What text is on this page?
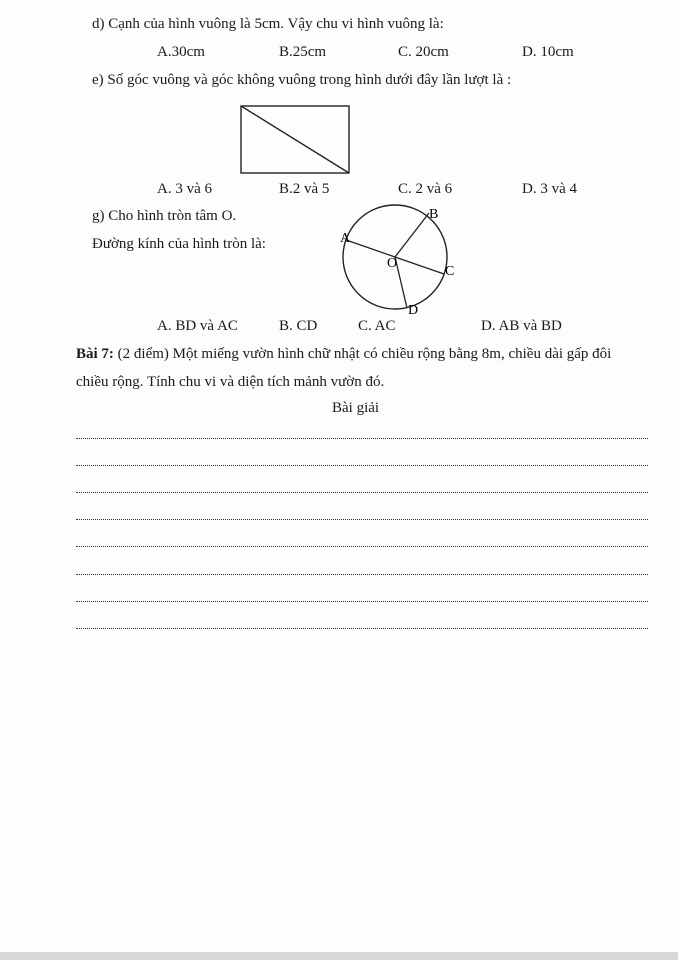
d) Cạnh của hình vuông là 5cm. Vậy chu vi hình vuông là:
A.30cm	B.25cm	C. 20cm	D. 10cm
e) Số góc vuông và góc không vuông trong hình dưới đây lần lượt là :
A. 3 và 6	B.2 và 5	C. 2 và 6	D. 3 và 4
g) Cho hình tròn tâm O.
Đường kính của hình tròn là:	A
B
C
D
O
A. BD và AC	B. CD	C. AC	D. AB và BD
Bài 7: (2 điểm) Một miếng vườn hình chữ nhật có chiều rộng bằng 8m, chiều dài gấp đôi
chiều rộng. Tính chu vi và diện tích mảnh vườn đó.
Bài giải
